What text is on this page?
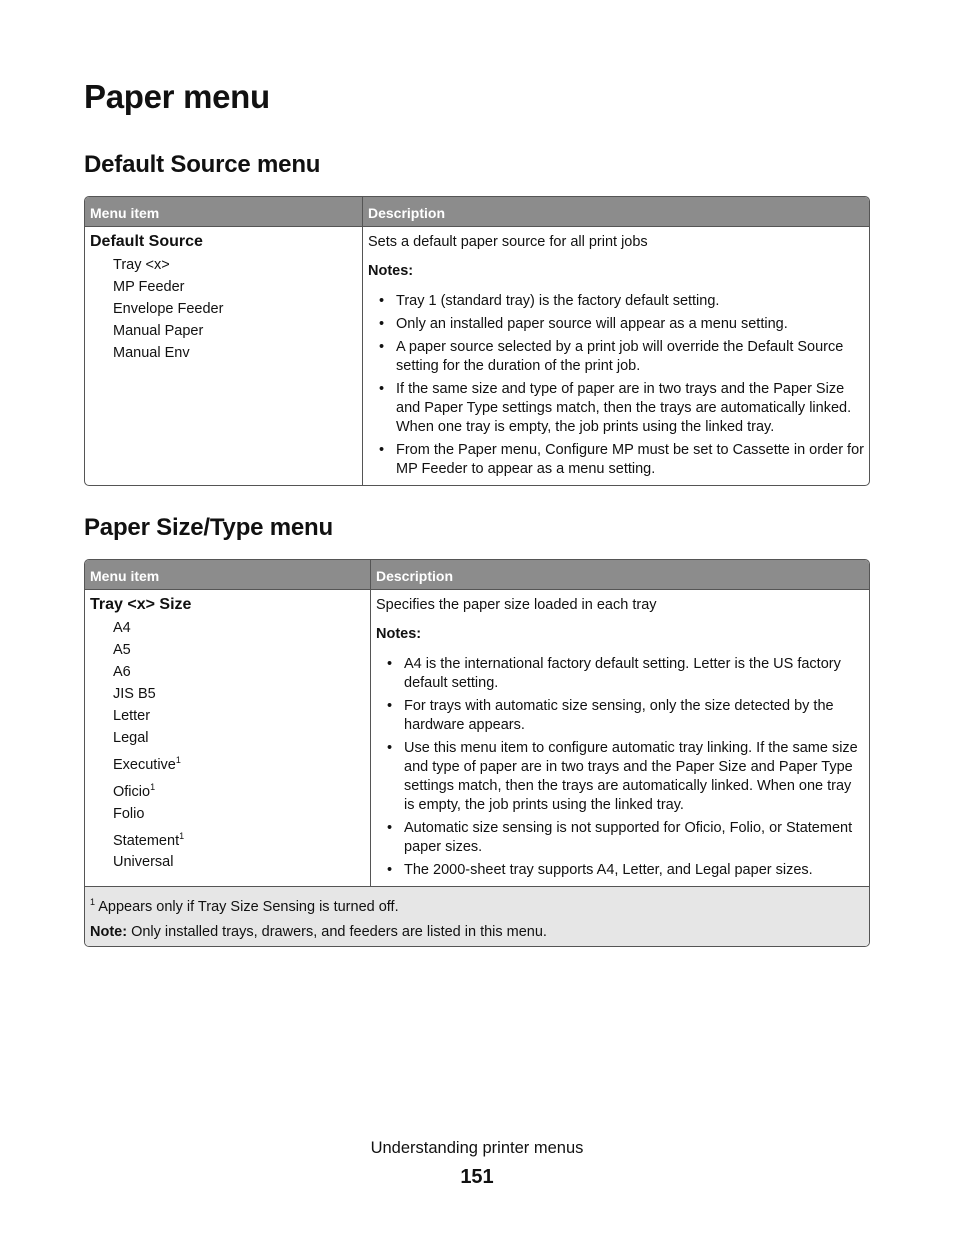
Paper menu
Default Source menu
Menu item	Description
Default Source
Tray <x>
MP Feeder
Envelope Feeder
Manual Paper
Manual Env

Sets a default paper source for all print jobs

Notes:
• Tray 1 (standard tray) is the factory default setting.
• Only an installed paper source will appear as a menu setting.
• A paper source selected by a print job will override the Default Source setting for the duration of the print job.
• If the same size and type of paper are in two trays and the Paper Size and Paper Type settings match, then the trays are automatically linked. When one tray is empty, the job prints using the linked tray.
• From the Paper menu, Configure MP must be set to Cassette in order for MP Feeder to appear as a menu setting.
Paper Size/Type menu
Menu item	Description
Tray <x> Size
A4
A5
A6
JIS B5
Letter
Legal
Executive$^1$
Oficio$^1$
Folio
Statement$^1$
Universal

Specifies the paper size loaded in each tray

Notes:
• A4 is the international factory default setting. Letter is the US factory default setting.
• For trays with automatic size sensing, only the size detected by the hardware appears.
• Use this menu item to configure automatic tray linking. If the same size and type of paper are in two trays and the Paper Size and Paper Type settings match, then the trays are automatically linked. When one tray is empty, the job prints using the linked tray.
• Automatic size sensing is not supported for Oficio, Folio, or Statement paper sizes.
• The 2000-sheet tray supports A4, Letter, and Legal paper sizes.
$^1$ Appears only if Tray Size Sensing is turned off.
Note: Only installed trays, drawers, and feeders are listed in this menu.
Understanding printer menus
151
